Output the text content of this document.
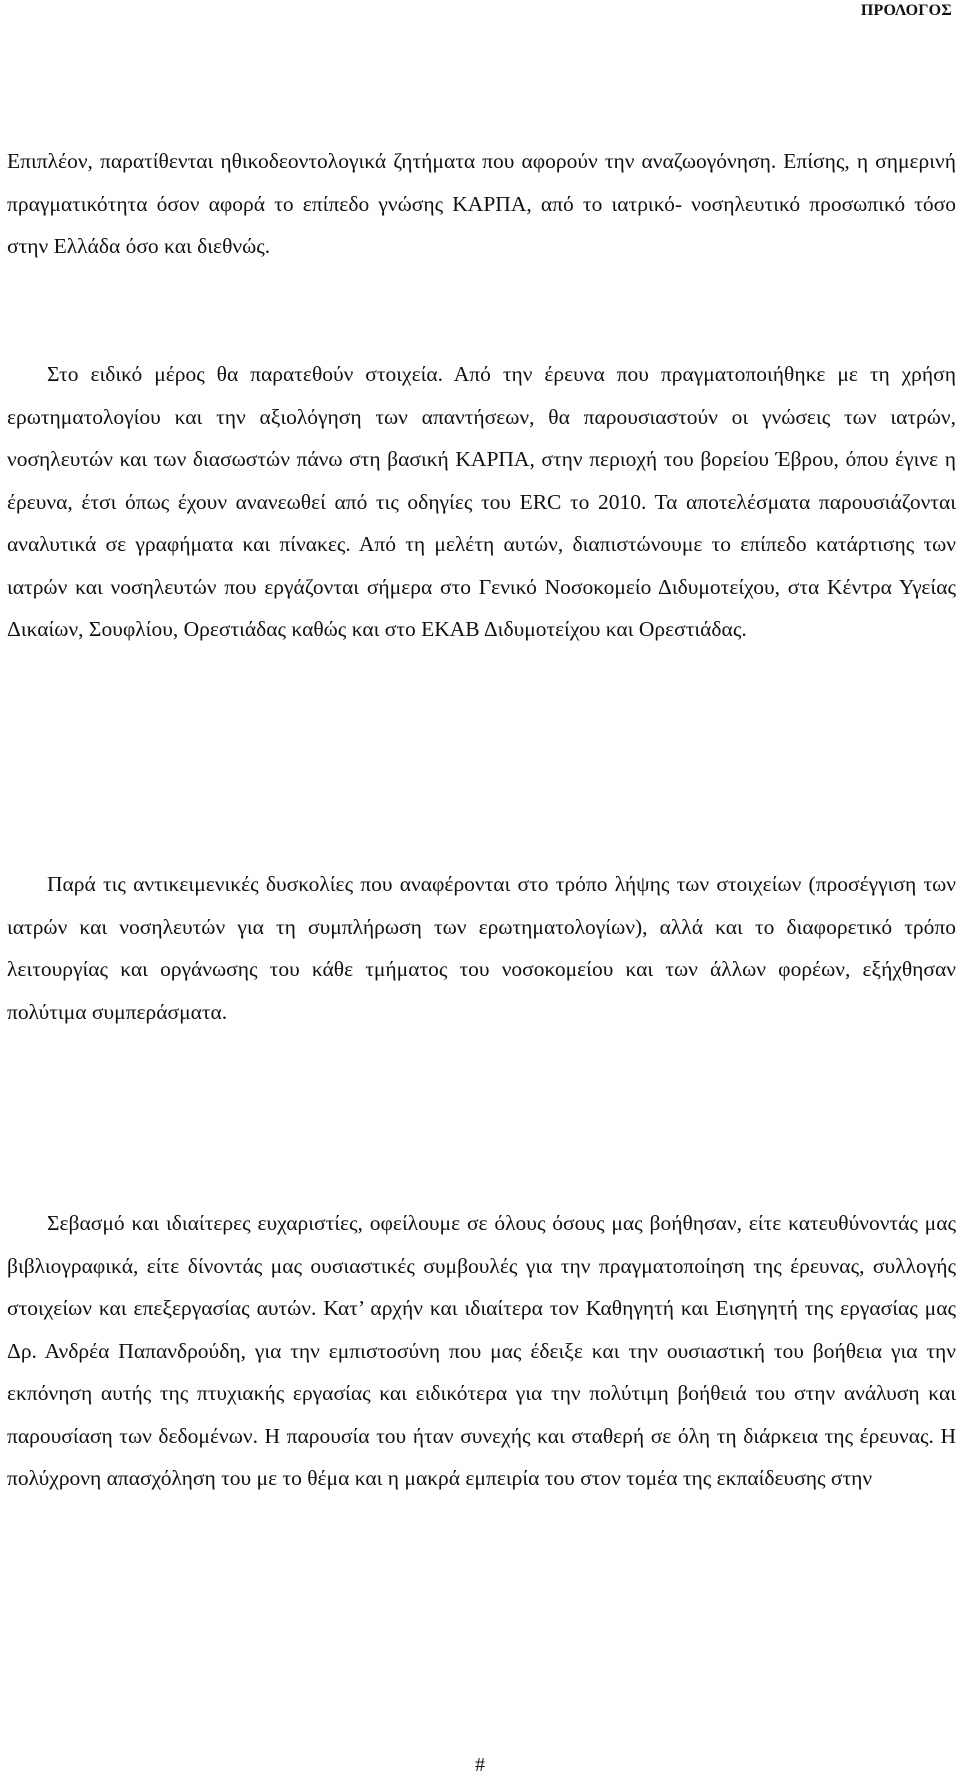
ΠΡΟΛΟΓΟΣ

Επιπλέον, παρατίθενται ηθικοδεοντολογικά ζητήματα που αφορούν την αναζωογόνηση. Επίσης, η σημερινή πραγματικότητα όσον αφορά το επίπεδο γνώσης ΚΑΡΠΑ, από το ιατρικό- νοσηλευτικό προσωπικό τόσο στην Ελλάδα όσο και διεθνώς.

Στο ειδικό μέρος θα παρατεθούν στοιχεία. Από την έρευνα που πραγματοποιήθηκε με τη χρήση ερωτηματολογίου και την αξιολόγηση των απαντήσεων, θα παρουσιαστούν οι γνώσεις των ιατρών, νοσηλευτών και των διασωστών πάνω στη βασική ΚΑΡΠΑ, στην περιοχή του βορείου Έβρου, όπου έγινε η έρευνα, έτσι όπως έχουν ανανεωθεί από τις οδηγίες του ERC το 2010. Τα αποτελέσματα παρουσιάζονται αναλυτικά σε γραφήματα και πίνακες. Από τη μελέτη αυτών, διαπιστώνουμε το επίπεδο κατάρτισης των ιατρών και νοσηλευτών που εργάζονται σήμερα στο Γενικό Νοσοκομείο Διδυμοτείχου, στα Κέντρα Υγείας Δικαίων, Σουφλίου, Ορεστιάδας καθώς και στο ΕΚΑΒ Διδυμοτείχου και Ορεστιάδας.

Παρά τις αντικειμενικές δυσκολίες που αναφέρονται στο τρόπο λήψης των στοιχείων (προσέγγιση των ιατρών και νοσηλευτών για τη συμπλήρωση των ερωτηματολογίων), αλλά και το διαφορετικό τρόπο λειτουργίας και οργάνωσης του κάθε τμήματος του νοσοκομείου και των άλλων φορέων, εξήχθησαν πολύτιμα συμπεράσματα.

Σεβασμό και ιδιαίτερες ευχαριστίες, οφείλουμε σε όλους όσους μας βοήθησαν, είτε κατευθύνοντάς μας βιβλιογραφικά, είτε δίνοντάς μας ουσιαστικές συμβουλές για την πραγματοποίηση της έρευνας, συλλογής στοιχείων και επεξεργασίας αυτών. Κατ’ αρχήν και ιδιαίτερα τον Καθηγητή και Εισηγητή της εργασίας μας Δρ. Ανδρέα Παπανδρούδη, για την εμπιστοσύνη που μας έδειξε και την ουσιαστική του βοήθεια για την εκπόνηση αυτής της πτυχιακής εργασίας και ειδικότερα για την πολύτιμη βοήθειά του στην ανάλυση και παρουσίαση των δεδομένων. Η παρουσία του ήταν συνεχής και σταθερή σε όλη τη διάρκεια της έρευνας. Η πολύχρονη απασχόληση του με το θέμα και η μακρά εμπειρία του στον τομέα της εκπαίδευσης στην

#
